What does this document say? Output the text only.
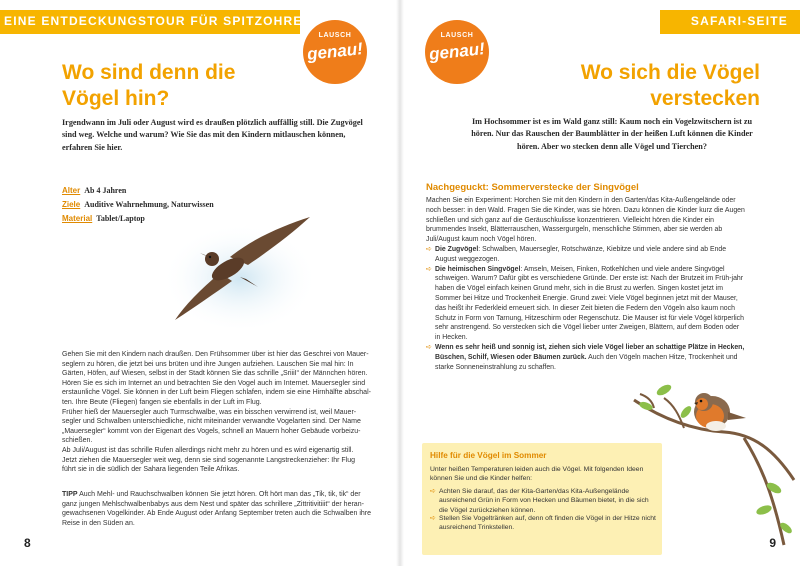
EINE ENTDECKUNGSTOUR FÜR SPITZOHREN
LAUSCH
genau!
Wo sind denn die
Vögel hin?
Irgendwann im Juli oder August wird es draußen plötzlich auffällig still. Die Zugvögel sind weg. Welche und warum? Wie Sie das mit den Kindern mitlauschen können, erfahren Sie hier.
Alter Ab 4 Jahren
Ziele Auditive Wahrnehmung, Naturwissen
Material Tablet/Laptop

Gehen Sie mit den Kindern nach draußen. Den Frühsommer über ist hier das Geschrei von Mauer-

seglern zu hören, die jetzt bei uns brüten und ihre Jungen aufziehen. Lauschen Sie mal hin: In

Gärten, Höfen, auf Wiesen, selbst in der Stadt können Sie das schrille „SriiiI“ der Männchen hören.

Hören Sie es sich im Internet an und betrachten Sie den Vogel auch im Internet. Mauersegler sind

erstaunliche Vögel. Sie können in der Luft beim Fliegen schlafen, indem sie eine Hirnhälfte abschal-

ten. Ihre Beute (Fliegen) fangen sie ebenfalls in der Luft im Flug.

Früher hieß der Mauersegler auch Turmschwalbe, was ein bisschen verwirrend ist, weil Mauer-

segler und Schwalben unterschiedliche, nicht miteinander verwandte Vogelarten sind. Der Name

„Mauersegler“ kommt von der Eigenart des Vogels, schnell an Mauern hoher Gebäude vorbeizu-

schießen.

Ab Juli/August ist das schrille Rufen allerdings nicht mehr zu hören und es wird eigenartig still.

Jetzt ziehen die Mauersegler weit weg, denn sie sind sogenannte Langstreckenzieher: Ihr Flug

führt sie in die südlich der Sahara liegenden Teile Afrikas.

TIPP Auch Mehl- und Rauchschwalben können Sie jetzt hören. Oft hört man das „Tik, tik, tik“ der ganz jungen Mehlschwalbenbabys aus dem Nest und später das schrillere „Zittritivitiiit“ der heran-gewachsenen Vogelkinder. Ab Ende August oder Anfang September treten auch die Schwalben ihre Reise in den Süden an.
8
SAFARI-SEITE
LAUSCH
genau!
Wo sich die Vögel
verstecken
Im Hochsommer ist es im Wald ganz still: Kaum noch ein Vogelzwitschern ist zu hören. Nur das Rauschen der Baumblätter in der heißen Luft können die Kinder hören. Aber wo stecken denn alle Vögel und Tierchen?
Nachgeguckt: Sommerverstecke der Singvögel
Machen Sie ein Experiment: Horchen Sie mit den Kindern in den Garten/das Kita-Außengelände oder noch besser: in den Wald. Fragen Sie die Kinder, was sie hören. Dazu können die Kinder kurz die Augen schließen und sich ganz auf die Geräuschkulisse konzentrieren. Vielleicht hören die Kinder ein brummendes Insekt, Blätterrauschen, Wassergurgeln, menschliche Stimmen, aber sie werden ab Juli/August kaum noch Vögel hören.
➪ Die Zugvögel: Schwalben, Mauersegler, Rotschwänze, Kiebitze und viele andere sind ab Ende August weggezogen.
➪ Die heimischen Singvögel: Amseln, Meisen, Finken, Rotkehlchen und viele andere Singvögel schweigen. Warum? Dafür gibt es verschiedene Gründe. Der erste ist: Nach der Brutzeit im Früh-jahr haben die Vögel einfach keinen Grund mehr, sich in die Brust zu werfen. Singen kostet jetzt im Sommer bei Hitze und Trockenheit Energie. Grund zwei: Viele Vögel beginnen jetzt mit der Mauser, das heißt ihr Federkleid erneuert sich. In dieser Zeit bieten die Federn den Vögeln also kaum noch Schutz in Form von Tarnung, Hitzeschirm oder Regenschutz. Die Mauser ist für viele Vögel körperlich sehr anstrengend. So verstecken sich die Vögel lieber unter Zweigen, Blättern, auf dem Boden oder in Hecken.
➪ Wenn es sehr heiß und sonnig ist, ziehen sich viele Vögel lieber an schattige Plätze in Hecken, Büschen, Schilf, Wiesen oder Bäumen zurück. Auch den Vögeln machen Hitze, Trockenheit und starke Sonneneinstrahlung zu schaffen.
Hilfe für die Vögel im Sommer
Unter heißen Temperaturen leiden auch die Vögel. Mit folgenden Ideen können Sie und die Kinder helfen:
➪ Achten Sie darauf, das der Kita-Garten/das Kita-Außengelände ausreichend Grün in Form von Hecken und Bäumen bietet, in die sich die Vögel zurückziehen können.
➪ Stellen Sie Vogeltränken auf, denn oft finden die Vögel in der Hitze nicht ausreichend Trinkstellen.
9
